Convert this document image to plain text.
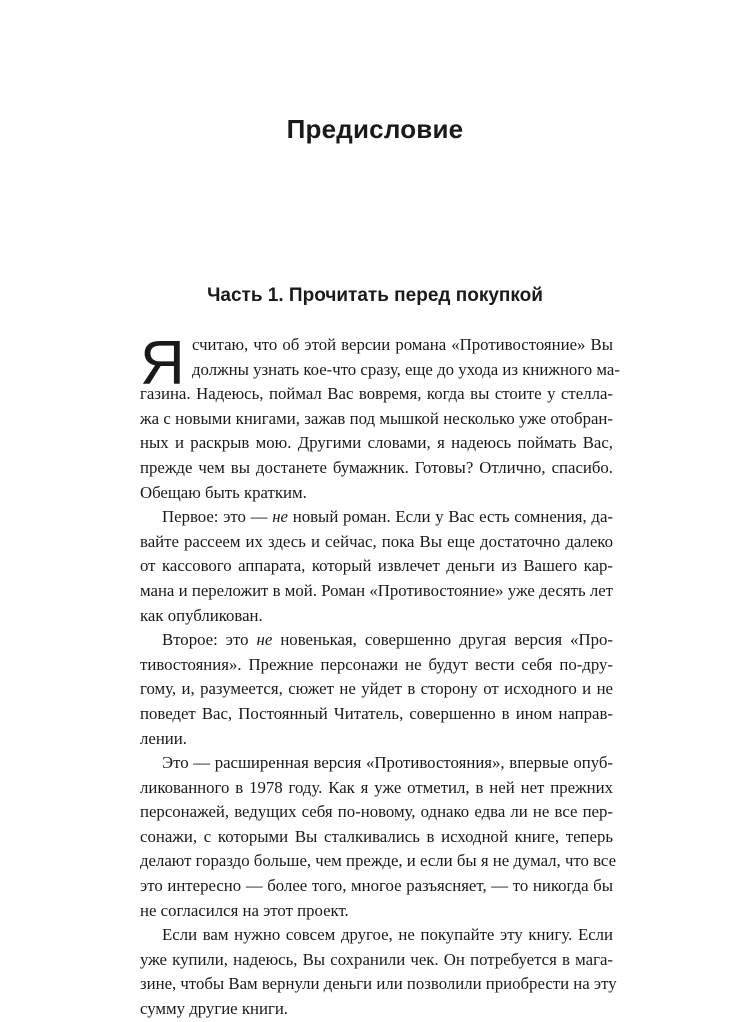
Предисловие
Часть 1. Прочитать перед покупкой
Я считаю, что об этой версии романа «Противостояние» Вы
должны узнать кое-что сразу, еще до ухода из книжного ма-
газина. Надеюсь, поймал Вас вовремя, когда вы стоите у стелла-
жа с новыми книгами, зажав под мышкой несколько уже отобран-
ных и раскрыв мою. Другими словами, я надеюсь поймать Вас,
прежде чем вы достанете бумажник. Готовы? Отлично, спасибо.
Обещаю быть кратким.
Первое: это — не новый роман. Если у Вас есть сомнения, да-
вайте рассеем их здесь и сейчас, пока Вы еще достаточно далеко
от кассового аппарата, который извлечет деньги из Вашего кар-
мана и переложит в мой. Роман «Противостояние» уже десять лет
как опубликован.
Второе: это не новенькая, совершенно другая версия «Про-
тивостояния». Прежние персонажи не будут вести себя по-дру-
гому, и, разумеется, сюжет не уйдет в сторону от исходного и не
поведет Вас, Постоянный Читатель, совершенно в ином направ-
лении.
Это — расширенная версия «Противостояния», впервые опуб-
ликованного в 1978 году. Как я уже отметил, в ней нет прежних
персонажей, ведущих себя по-новому, однако едва ли не все пер-
сонажи, с которыми Вы сталкивались в исходной книге, теперь
делают гораздо больше, чем прежде, и если бы я не думал, что все
это интересно — более того, многое разъясняет, — то никогда бы
не согласился на этот проект.
Если вам нужно совсем другое, не покупайте эту книгу. Если
уже купили, надеюсь, Вы сохранили чек. Он потребуется в мага-
зине, чтобы Вам вернули деньги или позволили приобрести на эту
сумму другие книги.
